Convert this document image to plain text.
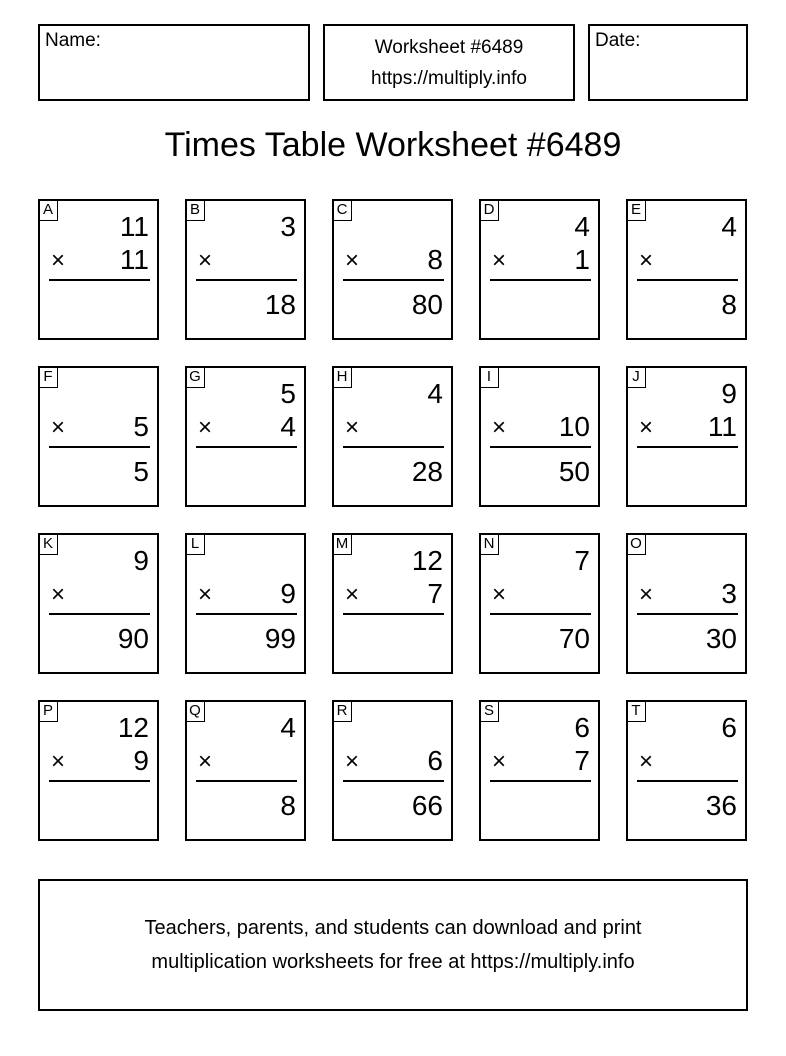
Name:	Worksheet #6489
https://multiply.info
Date:
Times Table Worksheet #6489
A
11
× 11
B
3
×
18
C
× 8
80
D
4
× 1
E
4
×
8
F
× 5
5
G
5
× 4
H
4
×
28
I
× 10
50
J
9
× 11
K
9
×
90
L
× 9
99
M
12
× 7
N
7
×
70
O
× 3
30
P
12
× 9
Q
4
×
8
R
× 6
66
S
6
× 7
T
6
×
36
Teachers, parents, and students can download and print
multiplication worksheets for free at https://multiply.info
